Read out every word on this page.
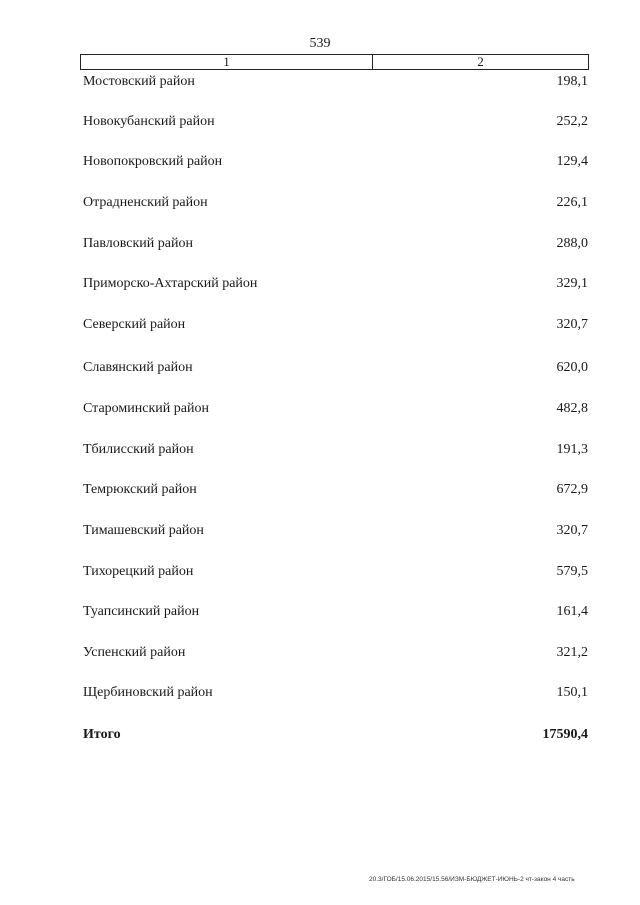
539
1	2
Мостовский район	198,1
Новокубанский район	252,2
Новопокровский район	129,4
Отрадненский район	226,1
Павловский район	288,0
Приморско-Ахтарский район	329,1
Северский район	320,7
Славянский район	620,0
Староминский район	482,8
Тбилисский район	191,3
Темрюкский район	672,9
Тимашевский район	320,7
Тихорецкий район	579,5
Туапсинский район	161,4
Успенский район	321,2
Щербиновский район	150,1
Итого	17590,4
20.3/ГОБ/15.06.2015/15.56/ИЗМ-БЮДЖЕТ-ИЮНЬ-2 чт-закон 4 часть
